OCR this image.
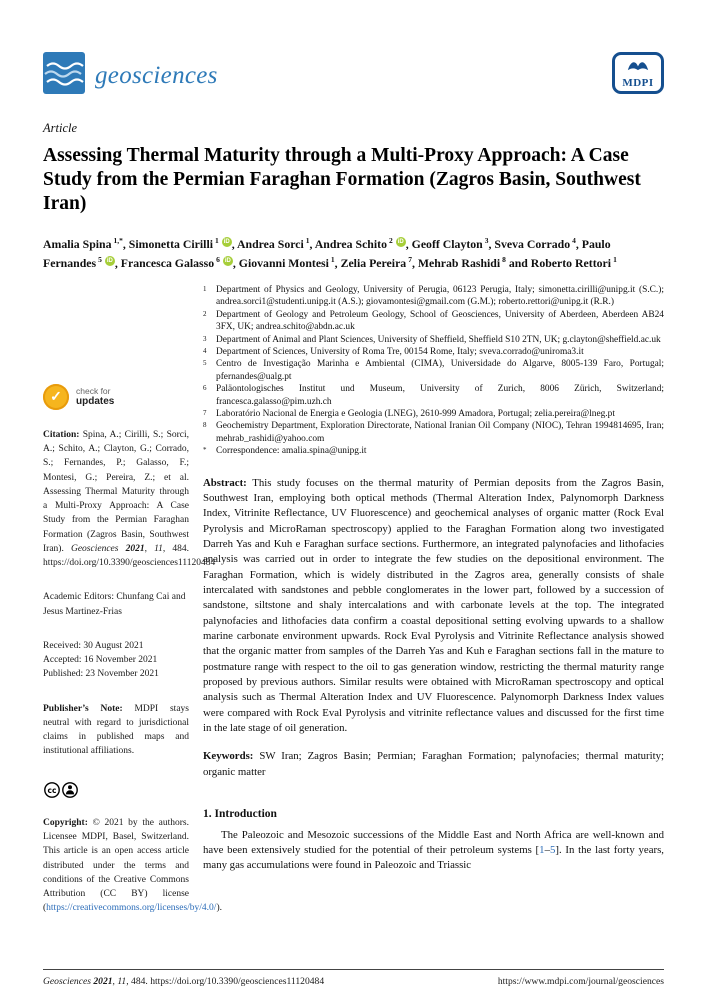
geosciences	MDPI
Article
Assessing Thermal Maturity through a Multi-Proxy Approach: A Case Study from the Permian Faraghan Formation (Zagros Basin, Southwest Iran)
Amalia Spina $^{1,*}$, Simonetta Cirilli $^1$ iD , Andrea Sorci $^1$, Andrea Schito $^2$ iD , Geoff Clayton $^3$, Sveva Corrado $^4$, Paulo Fernandes $^5$ iD , Francesca Galasso $^6$ iD , Giovanni Montesi $^1$, Zelia Pereira $^7$, Mehrab Rashidi $^8$ and Roberto Rettori $^1$
✓ check for
updates
Citation: Spina, A.; Cirilli, S.; Sorci, A.; Schito, A.; Clayton, G.; Corrado, S.; Fernandes, P.; Galasso, F.; Montesi, G.; Pereira, Z.; et al. Assessing Thermal Maturity through a Multi-Proxy Approach: A Case Study from the Permian Faraghan Formation (Zagros Basin, Southwest Iran). Geosciences 2021, 11, 484. https://doi.org/10.3390/geosciences11120484
Academic Editors: Chunfang Cai and Jesus Martinez-Frias
Received: 30 August 2021
Accepted: 16 November 2021
Published: 23 November 2021
Publisher’s Note: MDPI stays neutral with regard to jurisdictional claims in published maps and institutional affiliations.
cc
Copyright: © 2021 by the authors. Licensee MDPI, Basel, Switzerland. This article is an open access article distributed under the terms and conditions of the Creative Commons Attribution (CC BY) license (https://creativecommons.org/licenses/by/4.0/).
1	Department of Physics and Geology, University of Perugia, 06123 Perugia, Italy; simonetta.cirilli@unipg.it (S.C.); andrea.sorci1@studenti.unipg.it (A.S.); giovamontesi@gmail.com (G.M.); roberto.rettori@unipg.it (R.R.)
2	Department of Geology and Petroleum Geology, School of Geosciences, University of Aberdeen, Aberdeen AB24 3FX, UK; andrea.schito@abdn.ac.uk
3	Department of Animal and Plant Sciences, University of Sheffield, Sheffield S10 2TN, UK; g.clayton@sheffield.ac.uk
4	Department of Sciences, University of Roma Tre, 00154 Rome, Italy; sveva.corrado@uniroma3.it
5	Centro de Investigação Marinha e Ambiental (CIMA), Universidade do Algarve, 8005-139 Faro, Portugal; pfernandes@ualg.pt
6	Paläontologisches Institut und Museum, University of Zurich, 8006 Zürich, Switzerland; francesca.galasso@pim.uzh.ch
7	Laboratório Nacional de Energia e Geologia (LNEG), 2610-999 Amadora, Portugal; zelia.pereira@lneg.pt
8	Geochemistry Department, Exploration Directorate, National Iranian Oil Company (NIOC), Tehran 1994814695, Iran; mehrab_rashidi@yahoo.com
*	Correspondence: amalia.spina@unipg.it

Abstract: This study focuses on the thermal maturity of Permian deposits from the Zagros Basin, Southwest Iran, employing both optical methods (Thermal Alteration Index, Palynomorph Darkness Index, Vitrinite Reflectance, UV Fluorescence) and geochemical analyses of organic matter (Rock Eval Pyrolysis and MicroRaman spectroscopy) applied to the Faraghan Formation along two investigated Darreh Yas and Kuh e Faraghan surface sections. Furthermore, an integrated palynofacies and lithofacies analysis was carried out in order to integrate the few studies on the depositional environment. The Faraghan Formation, which is widely distributed in the Zagros area, generally consists of shale intercalated with sandstones and pebble conglomerates in the lower part, followed by a succession of sandstone, siltstone and shaly intercalations and with carbonate levels at the top. The integrated palynofacies and lithofacies data confirm a coastal depositional setting evolving upwards to a shallow marine carbonate environment upwards. Rock Eval Pyrolysis and Vitrinite Reflectance analysis showed that the organic matter from samples of the Darreh Yas and Kuh e Faraghan sections fall in the mature to postmature range with respect to the oil to gas generation window, restricting the thermal maturity range proposed by previous authors. Similar results were obtained with MicroRaman spectroscopy and optical analysis such as Thermal Alteration Index and UV Fluorescence. Palynomorph Darkness Index values were compared with Rock Eval Pyrolysis and vitrinite reflectance values and discussed for the first time in the late stage of oil generation.

Keywords: SW Iran; Zagros Basin; Permian; Faraghan Formation; palynofacies; thermal maturity; organic matter

1. Introduction

The Paleozoic and Mesozoic successions of the Middle East and North Africa are well-known and have been extensively studied for the potential of their petroleum systems [1–5]. In the last forty years, many gas accumulations were found in Paleozoic and Triassic

Geosciences 2021, 11, 484. https://doi.org/10.3390/geosciences11120484	https://www.mdpi.com/journal/geosciences
